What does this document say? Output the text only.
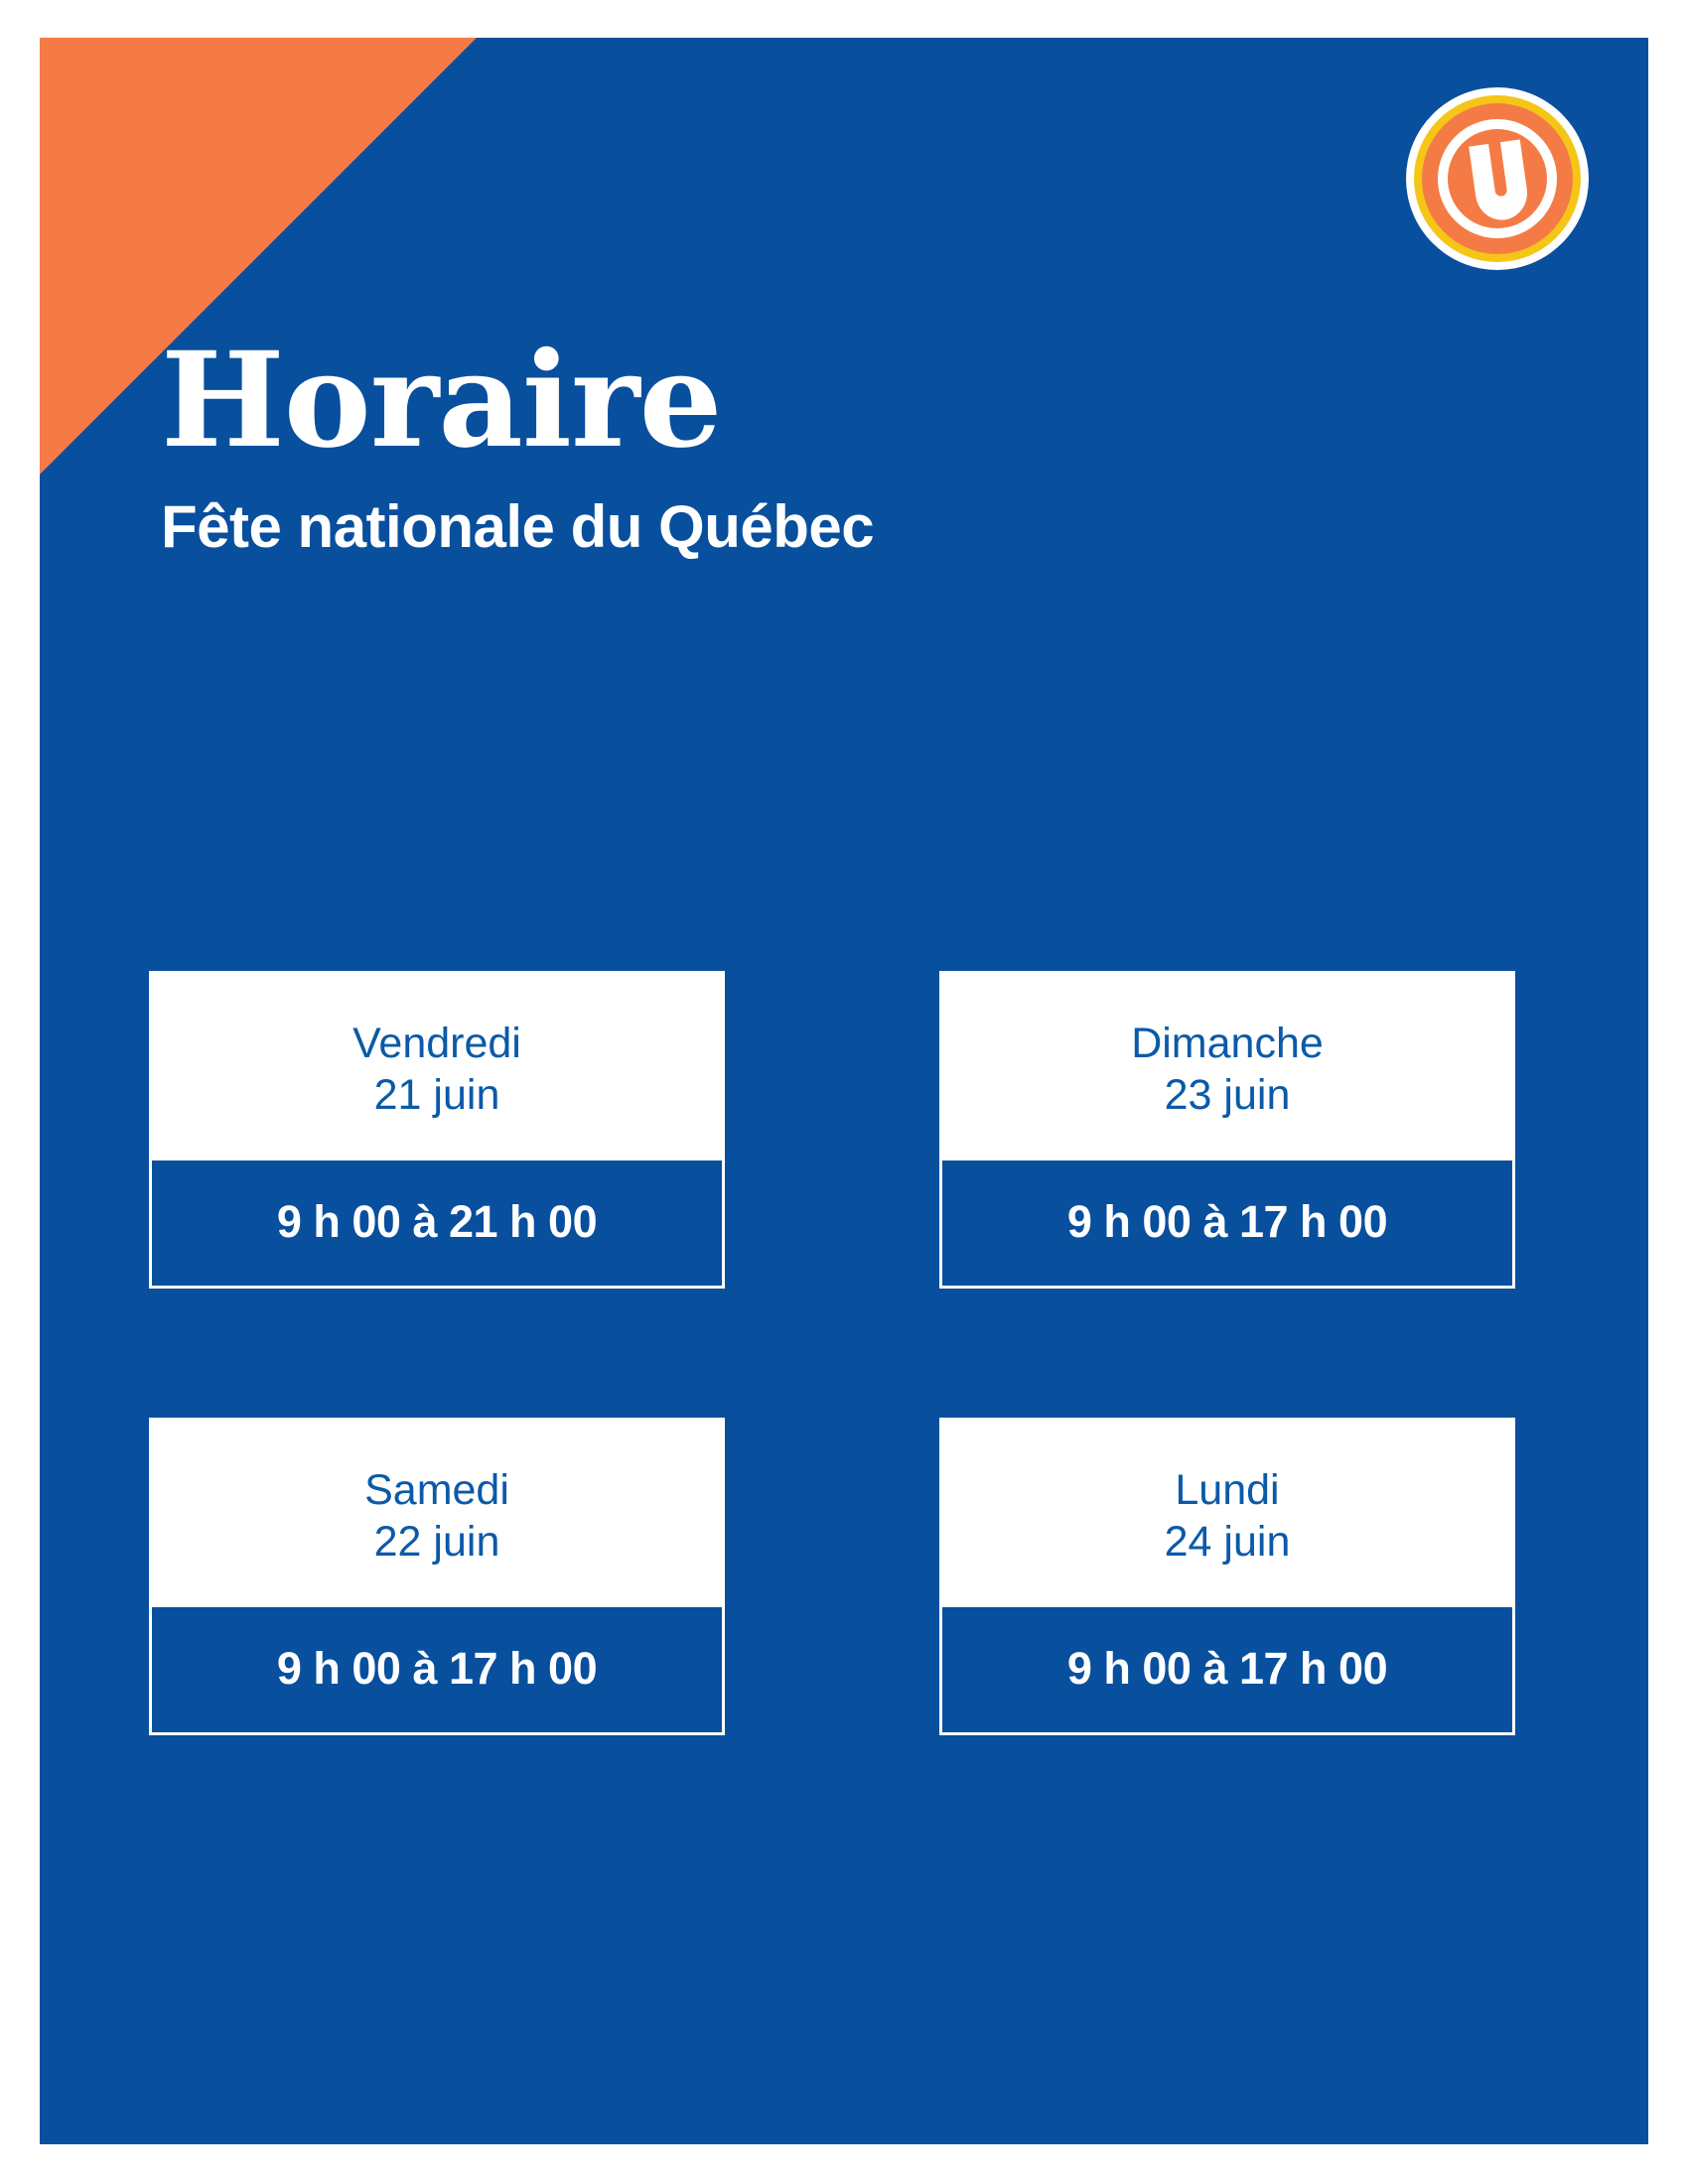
Horaire

Fête nationale du Québec

Vendredi
21 juin
9 h 00 à 21 h 00
Dimanche
23 juin
9 h 00 à 17 h 00
Samedi
22 juin
9 h 00 à 17 h 00
Lundi
24 juin
9 h 00 à 17 h 00
